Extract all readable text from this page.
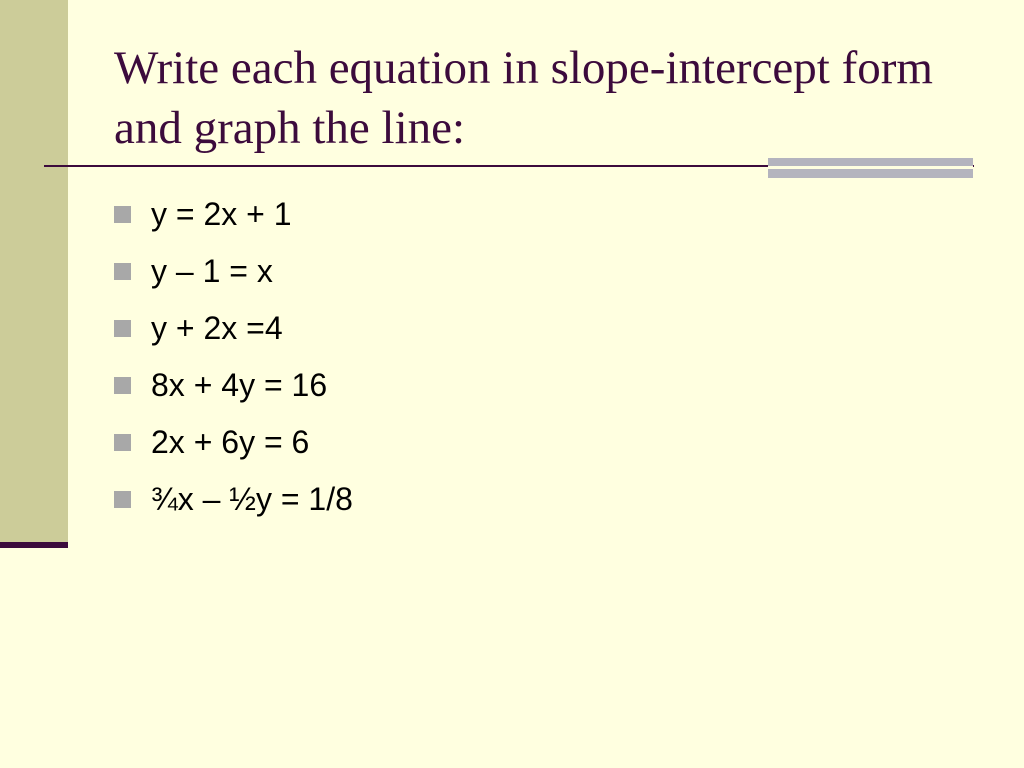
Write each equation in slope-intercept form and graph the line:
y = 2x + 1
y – 1 = x
y + 2x =4
8x + 4y = 16
2x + 6y = 6
¾x – ½y = 1/8
